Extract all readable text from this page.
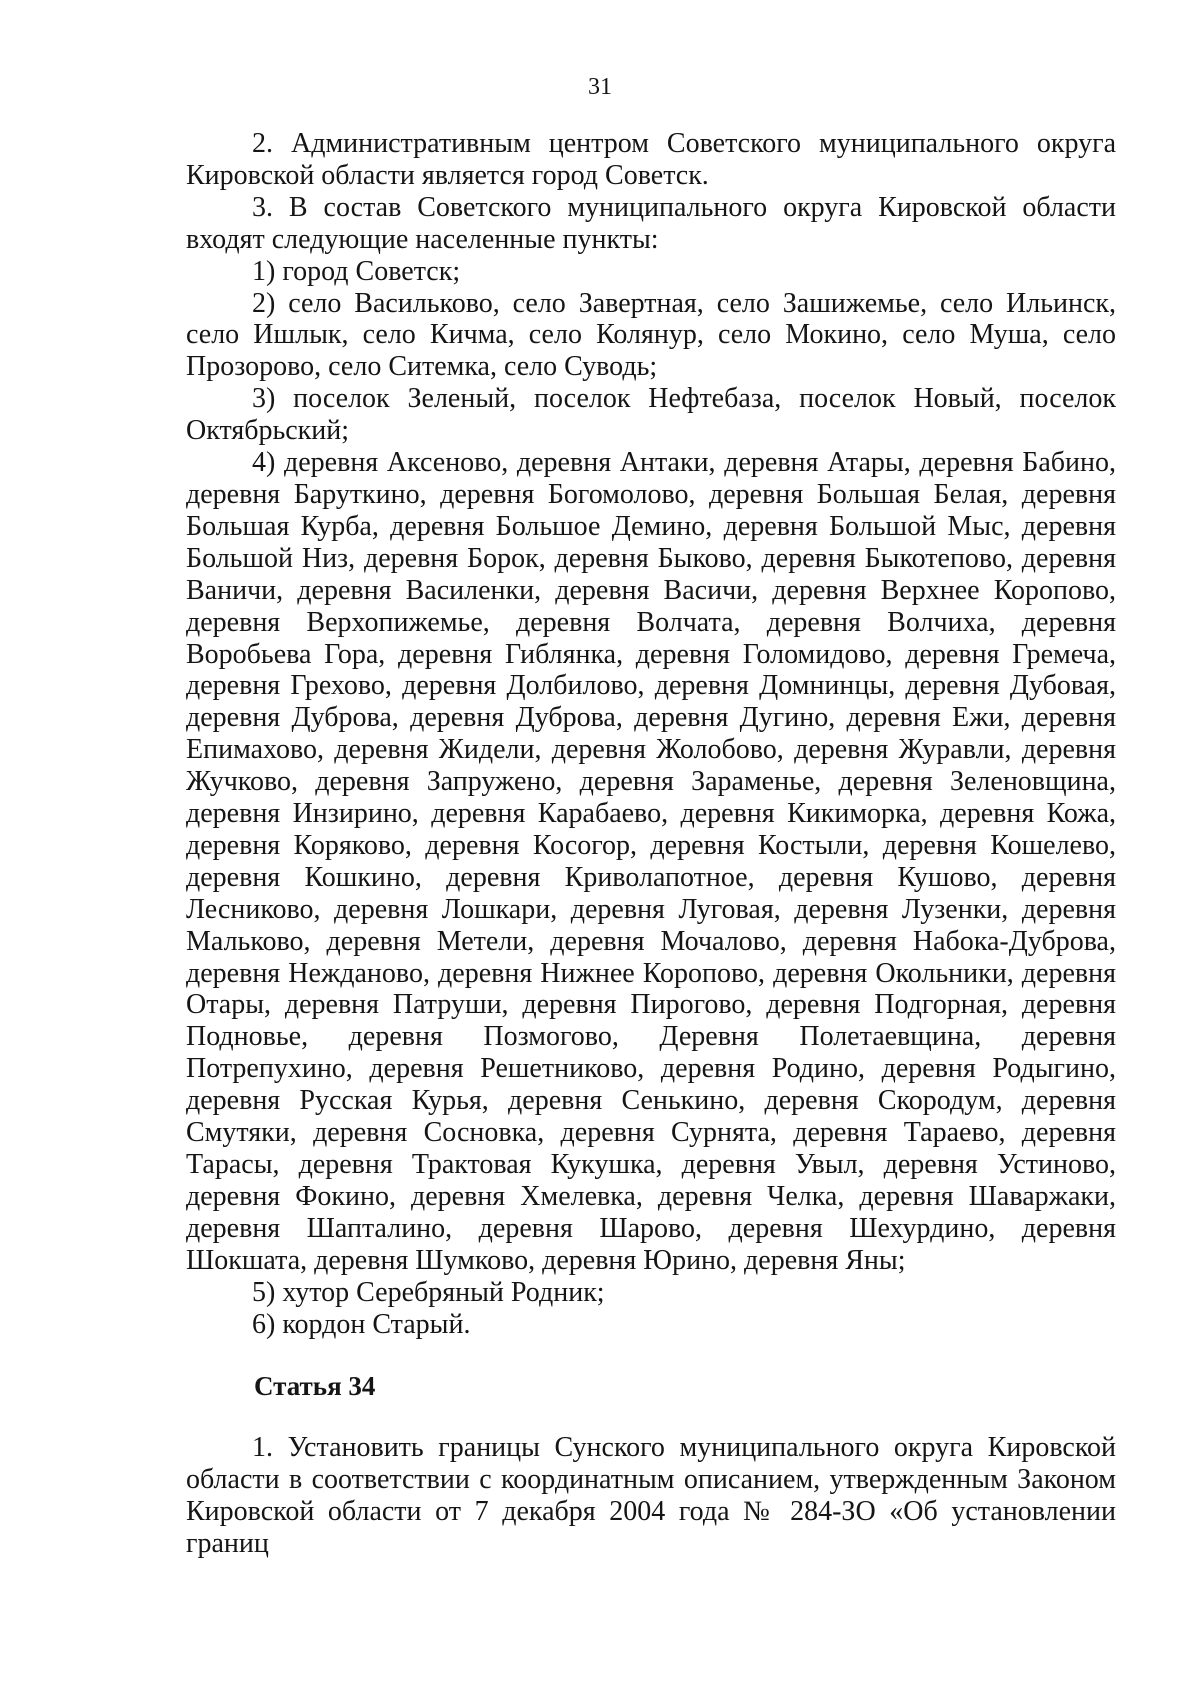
31

2. Административным центром Советского муниципального округа Кировской области является город Советск.

3. В состав Советского муниципального округа Кировской области входят следующие населенные пункты:

1) город Советск;

2) село Васильково, село Завертная, село Зашижемье, село Ильинск, село Ишлык, село Кичма, село Колянур, село Мокино, село Муша, село Прозорово, село Ситемка, село Суводь;

3) поселок Зеленый, поселок Нефтебаза, поселок Новый, поселок Октябрьский;

4) деревня Аксеново, деревня Антаки, деревня Атары, деревня Бабино, деревня Баруткино, деревня Богомолово, деревня Большая Белая, деревня Большая Курба, деревня Большое Демино, деревня Большой Мыс, деревня Большой Низ, деревня Борок, деревня Быково, деревня Быкотепово, деревня Ваничи, деревня Василенки, деревня Васичи, деревня Верхнее Коропово, деревня Верхопижемье, деревня Волчата, деревня Волчиха, деревня Воробьева Гора, деревня Гиблянка, деревня Голомидово, деревня Гремеча, деревня Грехово, деревня Долбилово, деревня Домнинцы, деревня Дубовая, деревня Дуброва, деревня Дуброва, деревня Дугино, деревня Ежи, деревня Епимахово, деревня Жидели, деревня Жолобово, деревня Журавли, деревня Жучково, деревня Запружено, деревня Зараменье, деревня Зеленовщина, деревня Инзирино, деревня Карабаево, деревня Кикиморка, деревня Кожа, деревня Коряково, деревня Косогор, деревня Костыли, деревня Кошелево, деревня Кошкино, деревня Криволапотное, деревня Кушово, деревня Лесниково, деревня Лошкари, деревня Луговая, деревня Лузенки, деревня Мальково, деревня Метели, деревня Мочалово, деревня Набока-Дуброва, деревня Нежданово, деревня Нижнее Коропово, деревня Окольники, деревня Отары, деревня Патруши, деревня Пирогово, деревня Подгорная, деревня Подновье, деревня Позмогово, Деревня Полетаевщина, деревня Потрепухино, деревня Решетниково, деревня Родино, деревня Родыгино, деревня Русская Курья, деревня Сенькино, деревня Скородум, деревня Смутяки, деревня Сосновка, деревня Сурнята, деревня Тараево, деревня Тарасы, деревня Трактовая Кукушка, деревня Увыл, деревня Устиново, деревня Фокино, деревня Хмелевка, деревня Челка, деревня Шаваржаки, деревня Шапталино, деревня Шарово, деревня Шехурдино, деревня Шокшата, деревня Шумково, деревня Юрино, деревня Яны;

5) хутор Серебряный Родник;

6) кордон Старый.

Статья 34

1. Установить границы Сунского муниципального округа Кировской области в соответствии с координатным описанием, утвержденным Законом Кировской области от 7 декабря 2004 года № 284-ЗО «Об установлении границ
